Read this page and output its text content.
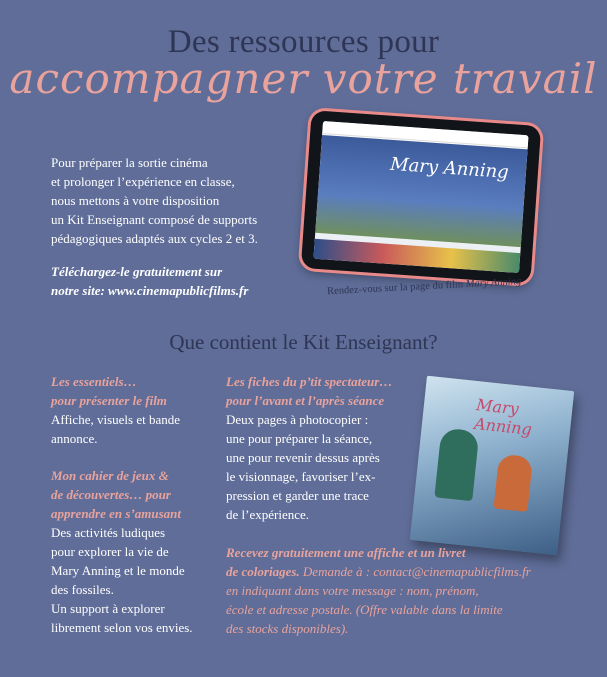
Des ressources pour
accompagner votre travail

Pour préparer la sortie cinéma

et prolonger l’expérience en classe,

nous mettons à votre disposition

un Kit Enseignant composé de supports

pédagogiques adaptés aux cycles 2 et 3.

Téléchargez-le gratuitement sur
notre site: www.cinemapublicfilms.fr
Mary Anning
Rendez-vous sur la page du film Mary Anning
Que contient le Kit Enseignant?
Les essentiels…
pour présenter le film
Affiche, visuels et bande
annonce.
Mon cahier de jeux &
de découvertes… pour
apprendre en s’amusant
Des activités ludiques
pour explorer la vie de
Mary Anning et le monde
des fossiles.
Un support à explorer
librement selon vos envies.
Les fiches du p’tit spectateur…
pour l’avant et l’après séance
Deux pages à photocopier :
une pour préparer la séance,
une pour revenir dessus après
le visionnage, favoriser l’ex-
pression et garder une trace
de l’expérience.
Mary Anning
Recevez gratuitement une affiche et un livret
de coloriages. Demande à : contact@cinemapublicfilms.fr
en indiquant dans votre message : nom, prénom,
école et adresse postale. (Offre valable dans la limite
des stocks disponibles).
